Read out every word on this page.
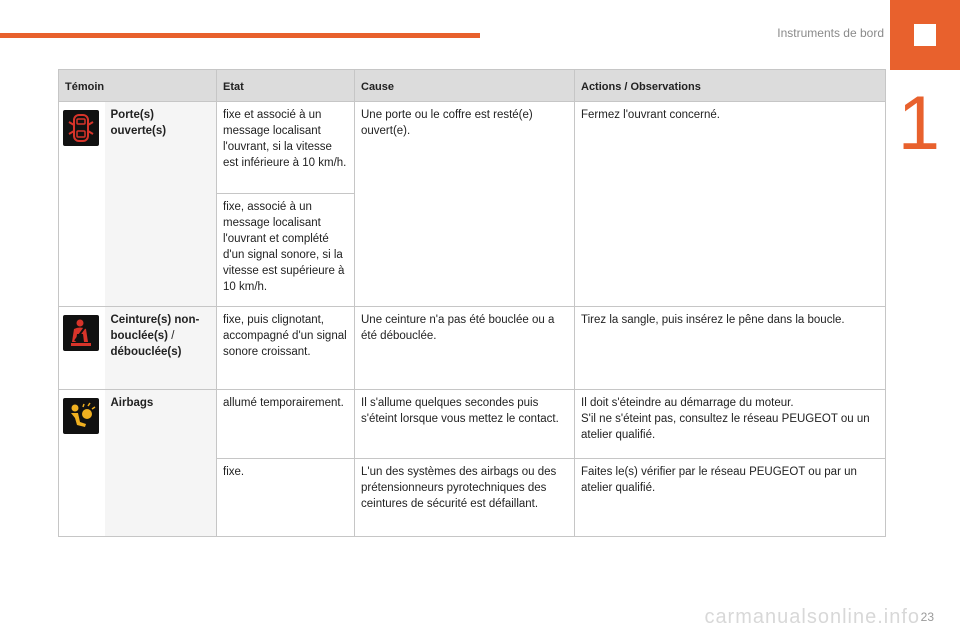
Instruments de bord
1
Témoin		Etat	Cause	Actions / Observations

	Porte(s) ouverte(s)	fixe et associé à un message localisant l'ouvrant, si la vitesse est inférieure à 10 km/h.	Une porte ou le coffre est resté(e) ouvert(e).	Fermez l'ouvrant concerné.
		fixe, associé à un message localisant l'ouvrant et complété d'un signal sonore, si la vitesse est supérieure à 10 km/h.		

	Ceinture(s) non-bouclée(s) / débouclée(s)	fixe, puis clignotant, accompagné d'un signal sonore croissant.	Une ceinture n'a pas été bouclée ou a été débouclée.	Tirez la sangle, puis insérez le pêne dans la boucle.

	Airbags	allumé temporairement.	Il s'allume quelques secondes puis s'éteint lorsque vous mettez le contact.	Il doit s'éteindre au démarrage du moteur.
S'il ne s'éteint pas, consultez le réseau PEUGEOT ou un atelier qualifié.

		fixe.	L'un des systèmes des airbags ou des prétensionneurs pyrotechniques des ceintures de sécurité est défaillant.	Faites le(s) vérifier par le réseau PEUGEOT ou par un atelier qualifié.
carmanualsonline.info 23
